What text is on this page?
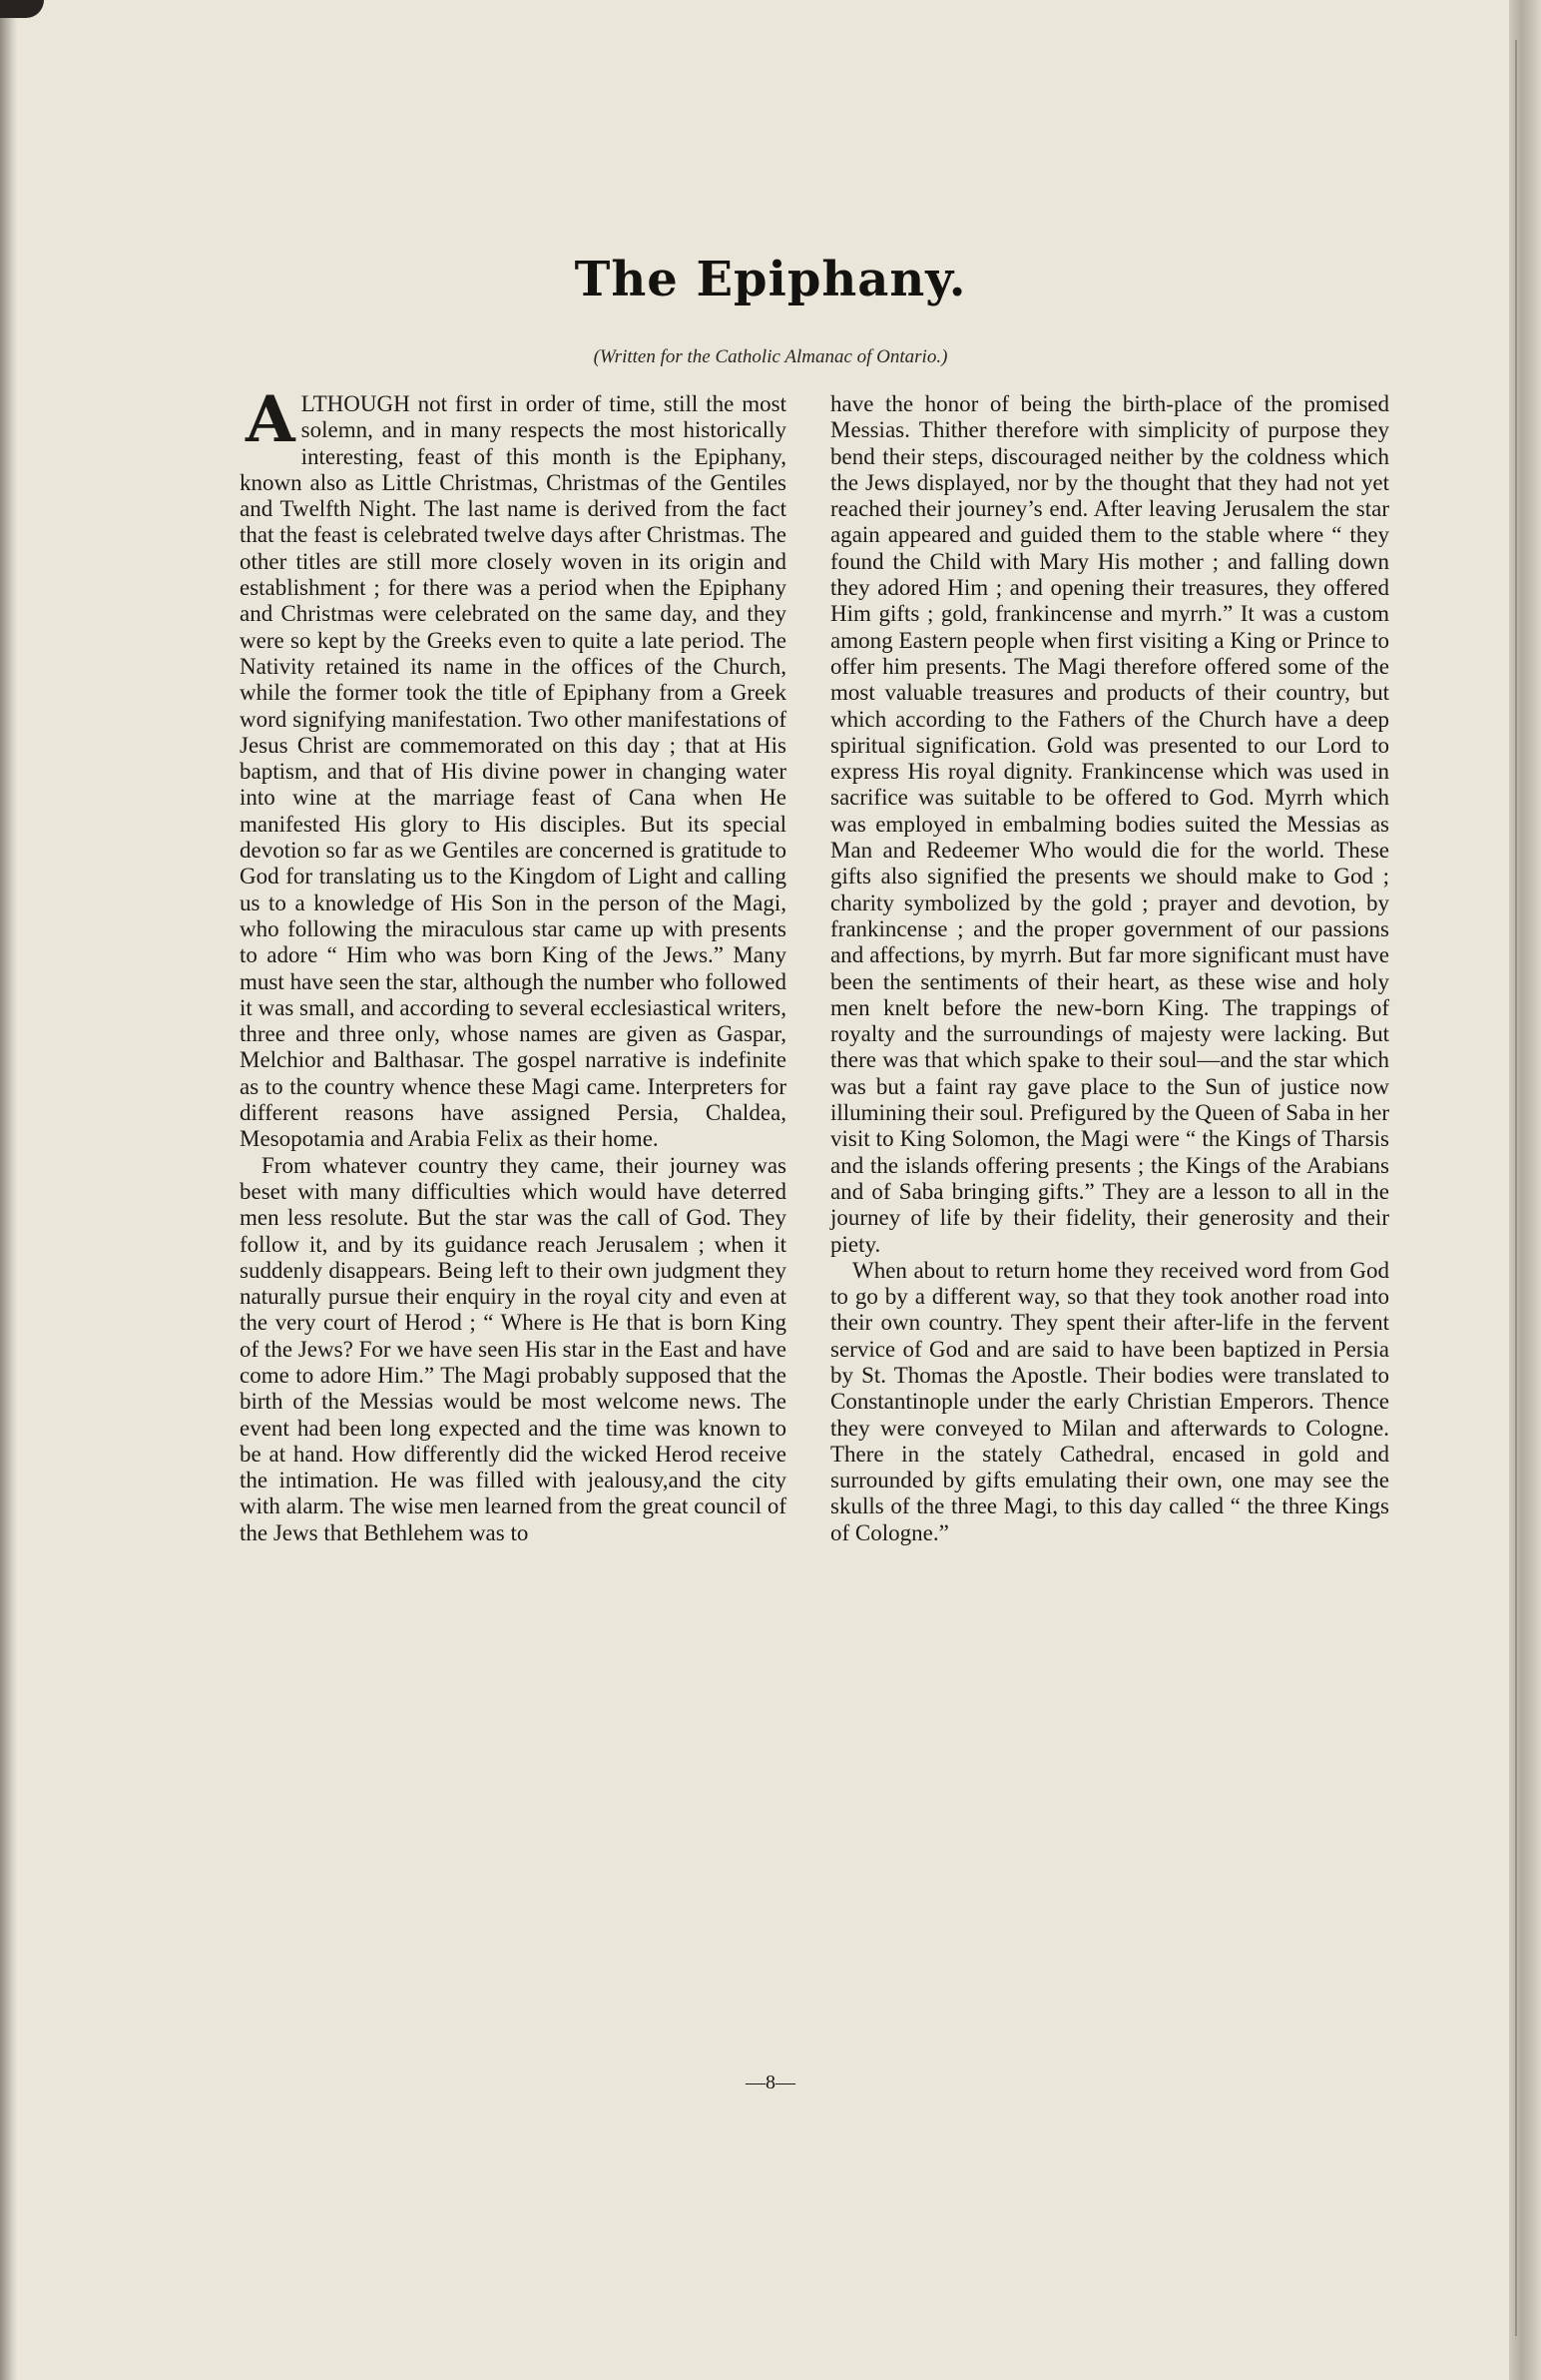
The Epiphany.
(Written for the Catholic Almanac of Ontario.)

ALTHOUGH not first in order of time, still the most solemn, and in many respects the most historically interesting, feast of this month is the Epiphany, known also as Little Christmas, Christmas of the Gentiles and Twelfth Night. The last name is derived from the fact that the feast is celebrated twelve days after Christmas. The other titles are still more closely woven in its origin and establishment ; for there was a period when the Epiphany and Christmas were celebrated on the same day, and they were so kept by the Greeks even to quite a late period. The Nativity retained its name in the offices of the Church, while the former took the title of Epiphany from a Greek word signifying manifestation. Two other manifestations of Jesus Christ are commemorated on this day ; that at His baptism, and that of His divine power in changing water into wine at the marriage feast of Cana when He manifested His glory to His disciples. But its special devotion so far as we Gentiles are concerned is gratitude to God for translating us to the Kingdom of Light and calling us to a knowledge of His Son in the person of the Magi, who following the miraculous star came up with presents to adore “ Him who was born King of the Jews.” Many must have seen the star, although the number who followed it was small, and according to several ecclesiastical writers, three and three only, whose names are given as Gaspar, Melchior and Balthasar. The gospel narrative is indefinite as to the country whence these Magi came. Interpreters for different reasons have assigned Persia, Chaldea, Mesopotamia and Arabia Felix as their home.

From whatever country they came, their journey was beset with many difficulties which would have deterred men less resolute. But the star was the call of God. They follow it, and by its guidance reach Jerusalem ; when it suddenly disappears. Being left to their own judgment they naturally pursue their enquiry in the royal city and even at the very court of Herod ; “ Where is He that is born King of the Jews? For we have seen His star in the East and have come to adore Him.” The Magi probably supposed that the birth of the Messias would be most welcome news. The event had been long expected and the time was known to be at hand. How differently did the wicked Herod receive the intimation. He was filled with jealousy,and the city with alarm. The wise men learned from the great council of the Jews that Bethlehem was to

have the honor of being the birth-place of the promised Messias. Thither therefore with simplicity of purpose they bend their steps, discouraged neither by the coldness which the Jews displayed, nor by the thought that they had not yet reached their journey’s end. After leaving Jerusalem the star again appeared and guided them to the stable where “ they found the Child with Mary His mother ; and falling down they adored Him ; and opening their treasures, they offered Him gifts ; gold, frankincense and myrrh.” It was a custom among Eastern people when first visiting a King or Prince to offer him presents. The Magi therefore offered some of the most valuable treasures and products of their country, but which according to the Fathers of the Church have a deep spiritual signification. Gold was presented to our Lord to express His royal dignity. Frankincense which was used in sacrifice was suitable to be offered to God. Myrrh which was employed in embalming bodies suited the Messias as Man and Redeemer Who would die for the world. These gifts also signified the presents we should make to God ; charity symbolized by the gold ; prayer and devotion, by frankincense ; and the proper government of our passions and affections, by myrrh. But far more significant must have been the sentiments of their heart, as these wise and holy men knelt before the new-born King. The trappings of royalty and the surroundings of majesty were lacking. But there was that which spake to their soul—and the star which was but a faint ray gave place to the Sun of justice now illumining their soul. Prefigured by the Queen of Saba in her visit to King Solomon, the Magi were “ the Kings of Tharsis and the islands offering presents ; the Kings of the Arabians and of Saba bringing gifts.” They are a lesson to all in the journey of life by their fidelity, their generosity and their piety.

When about to return home they received word from God to go by a different way, so that they took another road into their own country. They spent their after-life in the fervent service of God and are said to have been baptized in Persia by St. Thomas the Apostle. Their bodies were translated to Constantinople under the early Christian Emperors. Thence they were conveyed to Milan and afterwards to Cologne. There in the stately Cathedral, encased in gold and surrounded by gifts emulating their own, one may see the skulls of the three Magi, to this day called “ the three Kings of Cologne.”

—8—
